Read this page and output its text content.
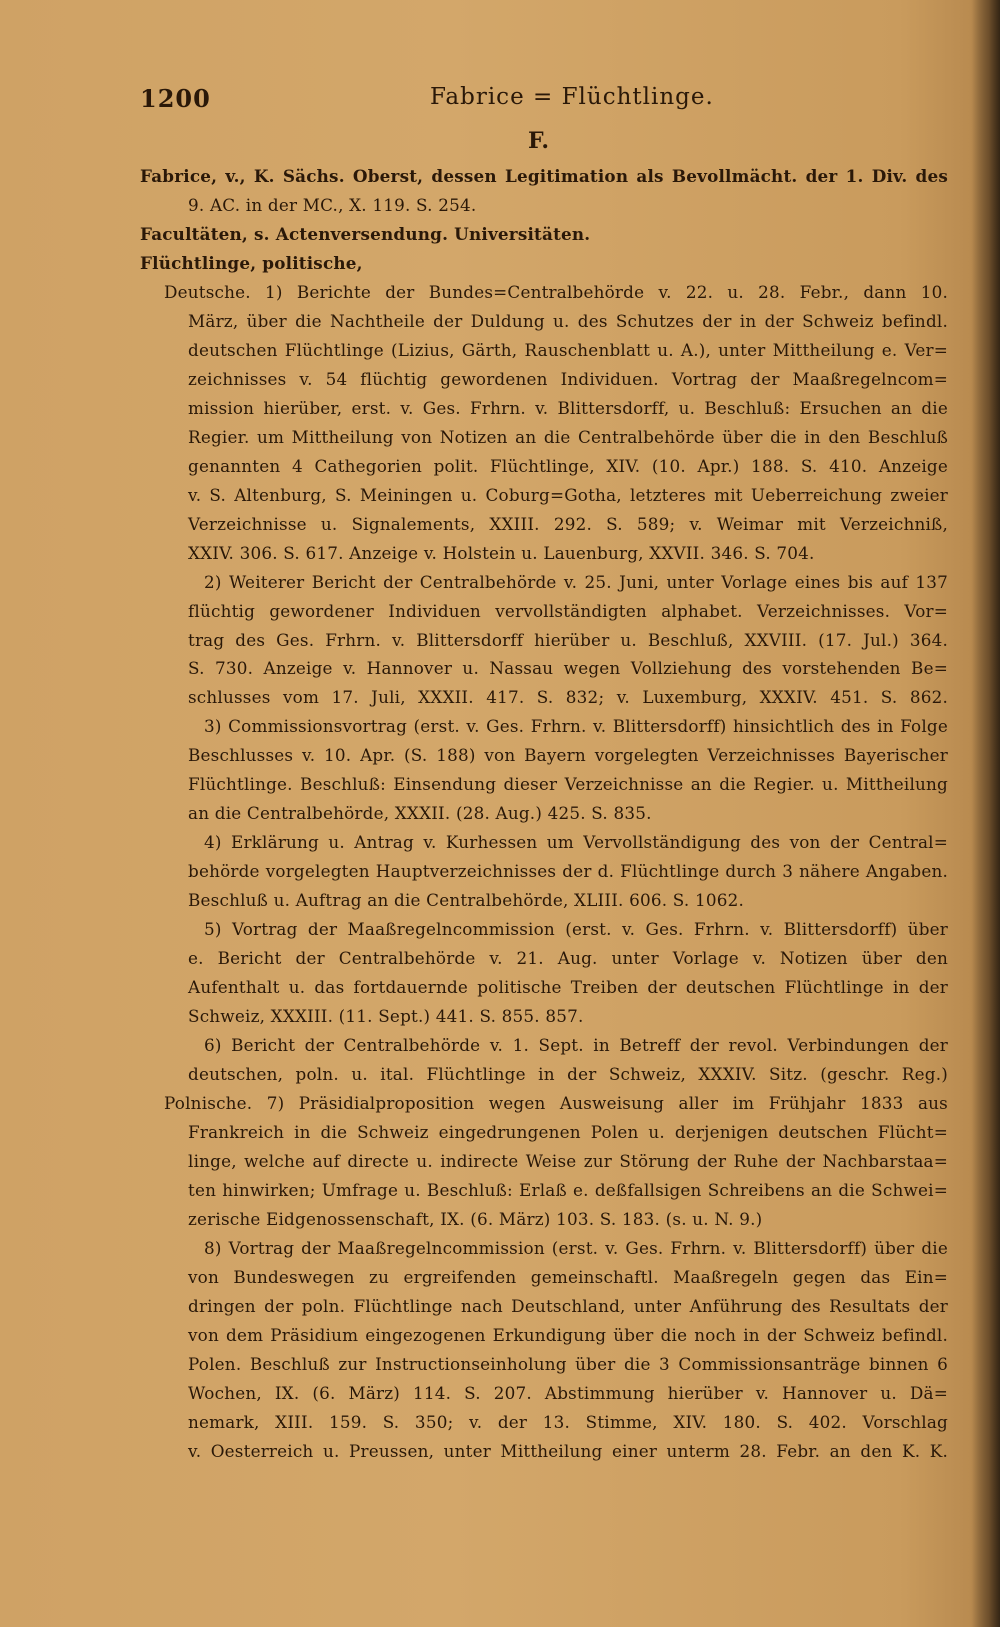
1200	Fabrice = Flüchtlinge.
F.
Fabrice, v., K. Sächs. Oberst, dessen Legitimation als Bevollmächt. der 1. Div. des
9. AC. in der MC., X. 119. S. 254.
Facultäten, s. Actenversendung. Universitäten.
Flüchtlinge, politische,
Deutsche. 1) Berichte der Bundes=Centralbehörde v. 22. u. 28. Febr., dann 10.
März, über die Nachtheile der Duldung u. des Schutzes der in der Schweiz befindl.
deutschen Flüchtlinge (Lizius, Gärth, Rauschenblatt u. A.), unter Mittheilung e. Ver=
zeichnisses v. 54 flüchtig gewordenen Individuen. Vortrag der Maaßregelncom=
mission hierüber, erst. v. Ges. Frhrn. v. Blittersdorff, u. Beschluß: Ersuchen an die
Regier. um Mittheilung von Notizen an die Centralbehörde über die in den Beschluß
genannten 4 Cathegorien polit. Flüchtlinge, XIV. (10. Apr.) 188. S. 410. Anzeige
v. S. Altenburg, S. Meiningen u. Coburg=Gotha, letzteres mit Ueberreichung zweier
Verzeichnisse u. Signalements, XXIII. 292. S. 589; v. Weimar mit Verzeichniß,
XXIV. 306. S. 617. Anzeige v. Holstein u. Lauenburg, XXVII. 346. S. 704.
2) Weiterer Bericht der Centralbehörde v. 25. Juni, unter Vorlage eines bis auf 137
flüchtig gewordener Individuen vervollständigten alphabet. Verzeichnisses. Vor=
trag des Ges. Frhrn. v. Blittersdorff hierüber u. Beschluß, XXVIII. (17. Jul.) 364.
S. 730. Anzeige v. Hannover u. Nassau wegen Vollziehung des vorstehenden Be=
schlusses vom 17. Juli, XXXII. 417. S. 832; v. Luxemburg, XXXIV. 451. S. 862.
3) Commissionsvortrag (erst. v. Ges. Frhrn. v. Blittersdorff) hinsichtlich des in Folge
Beschlusses v. 10. Apr. (S. 188) von Bayern vorgelegten Verzeichnisses Bayerischer
Flüchtlinge. Beschluß: Einsendung dieser Verzeichnisse an die Regier. u. Mittheilung
an die Centralbehörde, XXXII. (28. Aug.) 425. S. 835.
4) Erklärung u. Antrag v. Kurhessen um Vervollständigung des von der Central=
behörde vorgelegten Hauptverzeichnisses der d. Flüchtlinge durch 3 nähere Angaben.
Beschluß u. Auftrag an die Centralbehörde, XLIII. 606. S. 1062.
5) Vortrag der Maaßregelncommission (erst. v. Ges. Frhrn. v. Blittersdorff) über
e. Bericht der Centralbehörde v. 21. Aug. unter Vorlage v. Notizen über den
Aufenthalt u. das fortdauernde politische Treiben der deutschen Flüchtlinge in der
Schweiz, XXXIII. (11. Sept.) 441. S. 855. 857.
6) Bericht der Centralbehörde v. 1. Sept. in Betreff der revol. Verbindungen der
deutschen, poln. u. ital. Flüchtlinge in der Schweiz, XXXIV. Sitz. (geschr. Reg.)
Polnische. 7) Präsidialproposition wegen Ausweisung aller im Frühjahr 1833 aus
Frankreich in die Schweiz eingedrungenen Polen u. derjenigen deutschen Flücht=
linge, welche auf directe u. indirecte Weise zur Störung der Ruhe der Nachbarstaa=
ten hinwirken; Umfrage u. Beschluß: Erlaß e. deßfallsigen Schreibens an die Schwei=
zerische Eidgenossenschaft, IX. (6. März) 103. S. 183. (s. u. N. 9.)
8) Vortrag der Maaßregelncommission (erst. v. Ges. Frhrn. v. Blittersdorff) über die
von Bundeswegen zu ergreifenden gemeinschaftl. Maaßregeln gegen das Ein=
dringen der poln. Flüchtlinge nach Deutschland, unter Anführung des Resultats der
von dem Präsidium eingezogenen Erkundigung über die noch in der Schweiz befindl.
Polen. Beschluß zur Instructionseinholung über die 3 Commissionsanträge binnen 6
Wochen, IX. (6. März) 114. S. 207. Abstimmung hierüber v. Hannover u. Dä=
nemark, XIII. 159. S. 350; v. der 13. Stimme, XIV. 180. S. 402. Vorschlag
v. Oesterreich u. Preussen, unter Mittheilung einer unterm 28. Febr. an den K. K.
